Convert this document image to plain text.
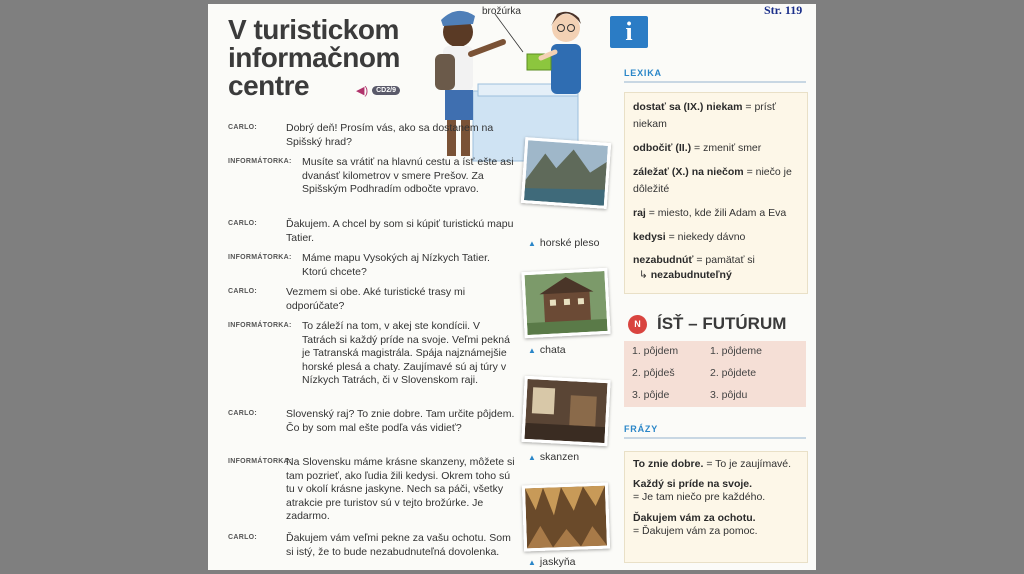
Str. 119
V turistickom
informačnom
centre	◀)	CD2/9
brožúrka
i
CARLO:	Dobrý deň! Prosím vás, ako sa dostanem na Spišský hrad?
INFORMÁTORKA: Musíte sa vrátiť na hlavnú cestu a ísť ešte asi dvanásť kilometrov v smere Prešov. Za Spišským Podhradím odbočte vpravo.
CARLO:	Ďakujem. A chcel by som si kúpiť turistickú mapu Tatier.
INFORMÁTORKA: Máme mapu Vysokých aj Nízkych Tatier. Ktorú chcete?
CARLO:	Vezmem si obe. Aké turistické trasy mi odporúčate?
INFORMÁTORKA: To záleží na tom, v akej ste kondícii. V Tatrách si každý príde na svoje. Veľmi pekná je Tatranská magistrála. Spája najznámejšie horské plesá a chaty. Zaujímavé sú aj túry v Nízkych Tatrách, či v Slovenskom raji.
CARLO:	Slovenský raj? To znie dobre. Tam určite pôjdem. Čo by som mal ešte podľa vás vidieť?
INFORMÁTORKA:
Na Slovensku máme krásne skanzeny, môžete si tam pozrieť, ako ľudia žili kedysi. Okrem toho sú tu v okolí krásne jaskyne. Nech sa páči, všetky atrakcie pre turistov sú v tejto brožúrke. Je zadarmo.
CARLO:	Ďakujem vám veľmi pekne za vašu ochotu. Som si istý, že to bude nezabudnuteľná dovolenka.
▲ horské pleso
▲ chata
▲ skanzen
▲ jaskyňa
LEXIKA
dostať sa (IX.) niekam = prísť niekam
odbočiť (II.) = zmeniť smer
záležať (X.) na niečom = niečo je dôležité
raj = miesto, kde žili Adam a Eva
kedysi = niekedy dávno
nezabudnúť = pamätať si
↳ nezabudnuteľný
N ÍSŤ – FUTÚRUM
1. pôjdem	1. pôjdeme
2. pôjdeš	2. pôjdete
3. pôjde	3. pôjdu
FRÁZY
To znie dobre. = To je zaujímavé.
Každý si príde na svoje.
= Je tam niečo pre každého.
Ďakujem vám za ochotu.
= Ďakujem vám za pomoc.
